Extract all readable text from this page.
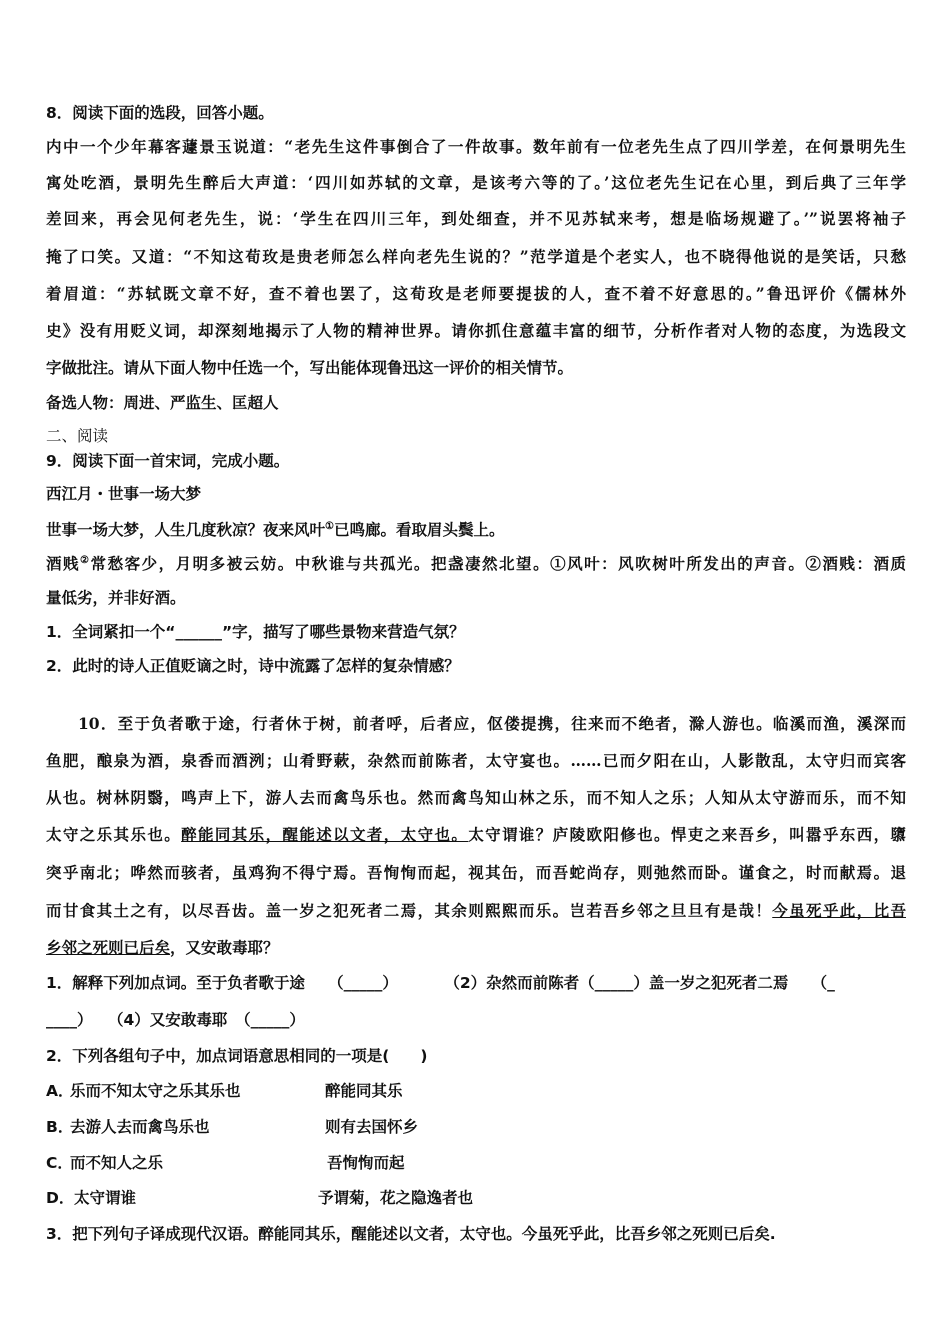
8．阅读下面的选段，回答小题。
内中一个少年幕客蘧景玉说道：“老先生这件事倒合了一件故事。数年前有一位老先生点了四川学差，在何景明先生
寓处吃酒，景明先生醉后大声道：‘四川如苏轼的文章，是该考六等的了。’这位老先生记在心里，到后典了三年学
差回来，再会见何老先生，说：‘学生在四川三年，到处细查，并不见苏轼来考，想是临场规避了。’”说罢将袖子
掩了口笑。又道：“不知这荀玫是贵老师怎么样向老先生说的？”范学道是个老实人，也不晓得他说的是笑话，只愁
着眉道：“苏轼既文章不好，查不着也罢了，这荀玫是老师要提拔的人，查不着不好意思的。”鲁迅评价《儒林外
史》没有用贬义词，却深刻地揭示了人物的精神世界。请你抓住意蕴丰富的细节，分析作者对人物的态度，为选段文
字做批注。请从下面人物中任选一个，写出能体现鲁迅这一评价的相关情节。
备选人物：周进、严监生、匡超人
二、阅读
9．阅读下面一首宋词，完成小题。
西江月・世事一场大梦
世事一场大梦，人生几度秋凉？夜来风叶①已鸣廊。看取眉头鬓上。
酒贱②常愁客少，月明多被云妨。中秋谁与共孤光。把盏凄然北望。①风叶：风吹树叶所发出的声音。②酒贱：酒质
量低劣，并非好酒。
1．全词紧扣一个“______”字，描写了哪些景物来营造气氛？
2．此时的诗人正值贬谪之时，诗中流露了怎样的复杂情感？
10．至于负者歌于途，行者休于树，前者呼，后者应，伛偻提携，往来而不绝者，滁人游也。临溪而渔，溪深而
鱼肥，酿泉为酒，泉香而酒洌；山肴野蔌，杂然而前陈者，太守宴也。……已而夕阳在山，人影散乱，太守归而宾客
从也。树林阴翳，鸣声上下，游人去而禽鸟乐也。然而禽鸟知山林之乐，而不知人之乐；人知从太守游而乐，而不知
太守之乐其乐也。醉能同其乐，醒能述以文者，太守也。太守谓谁？庐陵欧阳修也。悍吏之来吾乡，叫嚣乎东西，隳
突乎南北；哗然而骇者，虽鸡狗不得宁焉。吾恂恂而起，视其缶，而吾蛇尚存，则弛然而卧。谨食之，时而献焉。退
而甘食其土之有，以尽吾齿。盖一岁之犯死者二焉，其余则熙熙而乐。岂若吾乡邻之旦旦有是哉！今虽死乎此，比吾
乡邻之死则已后矣，又安敢毒耶？
1．解释下列加点词。至于负者歌于途　　（_____）　　　　（2）杂然而前陈者（_____）盖一岁之犯死者二焉　　（_
____）　　（4）又安敢毒耶　（_____）
2．下列各组句子中，加点词语意思相同的一项是(　　)
A．乐而不知太守之乐其乐也	醉能同其乐
B．去游人去而禽鸟乐也	则有去国怀乡
C．而不知人之乐	吾恂恂而起
D．太守谓谁	予谓菊，花之隐逸者也
3．把下列句子译成现代汉语。醉能同其乐，醒能述以文者，太守也。今虽死乎此，比吾乡邻之死则已后矣.
